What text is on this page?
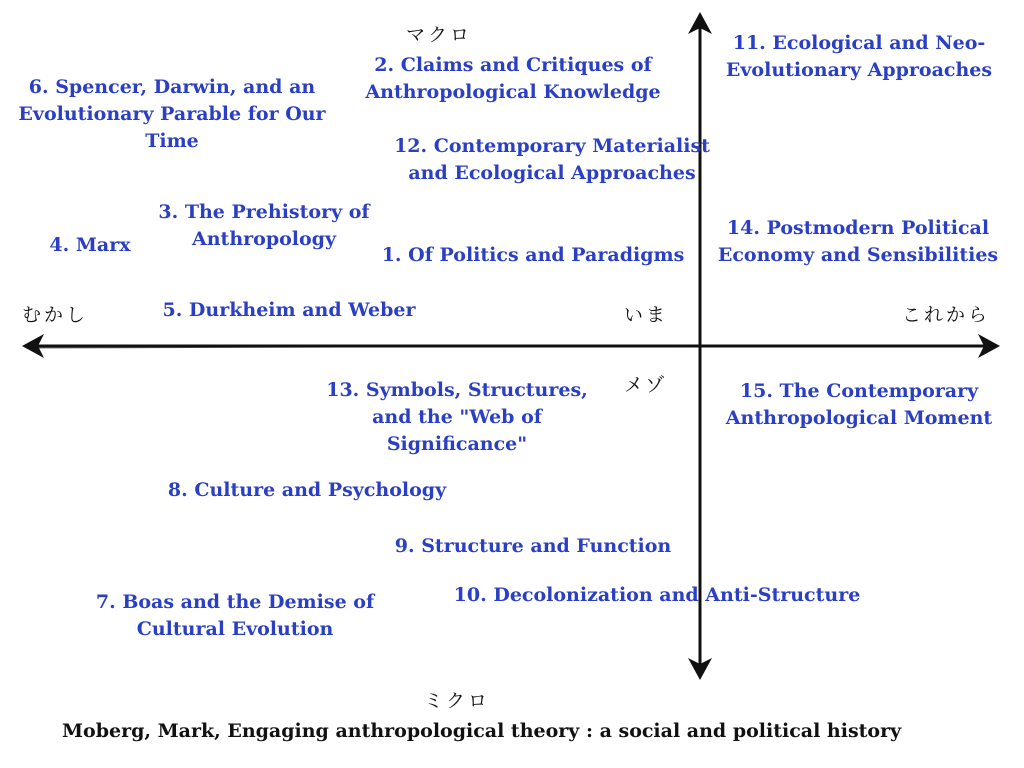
マクロ
ミクロ
むかし	これから
いま
メゾ
1. Of Politics and Paradigms
2. Claims and Critiques of
Anthropological Knowledge
3. The Prehistory of
Anthropology
4. Marx
5. Durkheim and Weber
6. Spencer, Darwin, and an
Evolutionary Parable for Our
Time
7. Boas and the Demise of
Cultural Evolution
8. Culture and Psychology
9. Structure and Function
10. Decolonization and Anti-Structure
11. Ecological and Neo-
Evolutionary Approaches
12. Contemporary Materialist
and Ecological Approaches
13. Symbols, Structures,
and the "Web of
Significance"
14. Postmodern Political
Economy and Sensibilities
15. The Contemporary
Anthropological Moment
Moberg, Mark, Engaging anthropological theory : a social and political history
